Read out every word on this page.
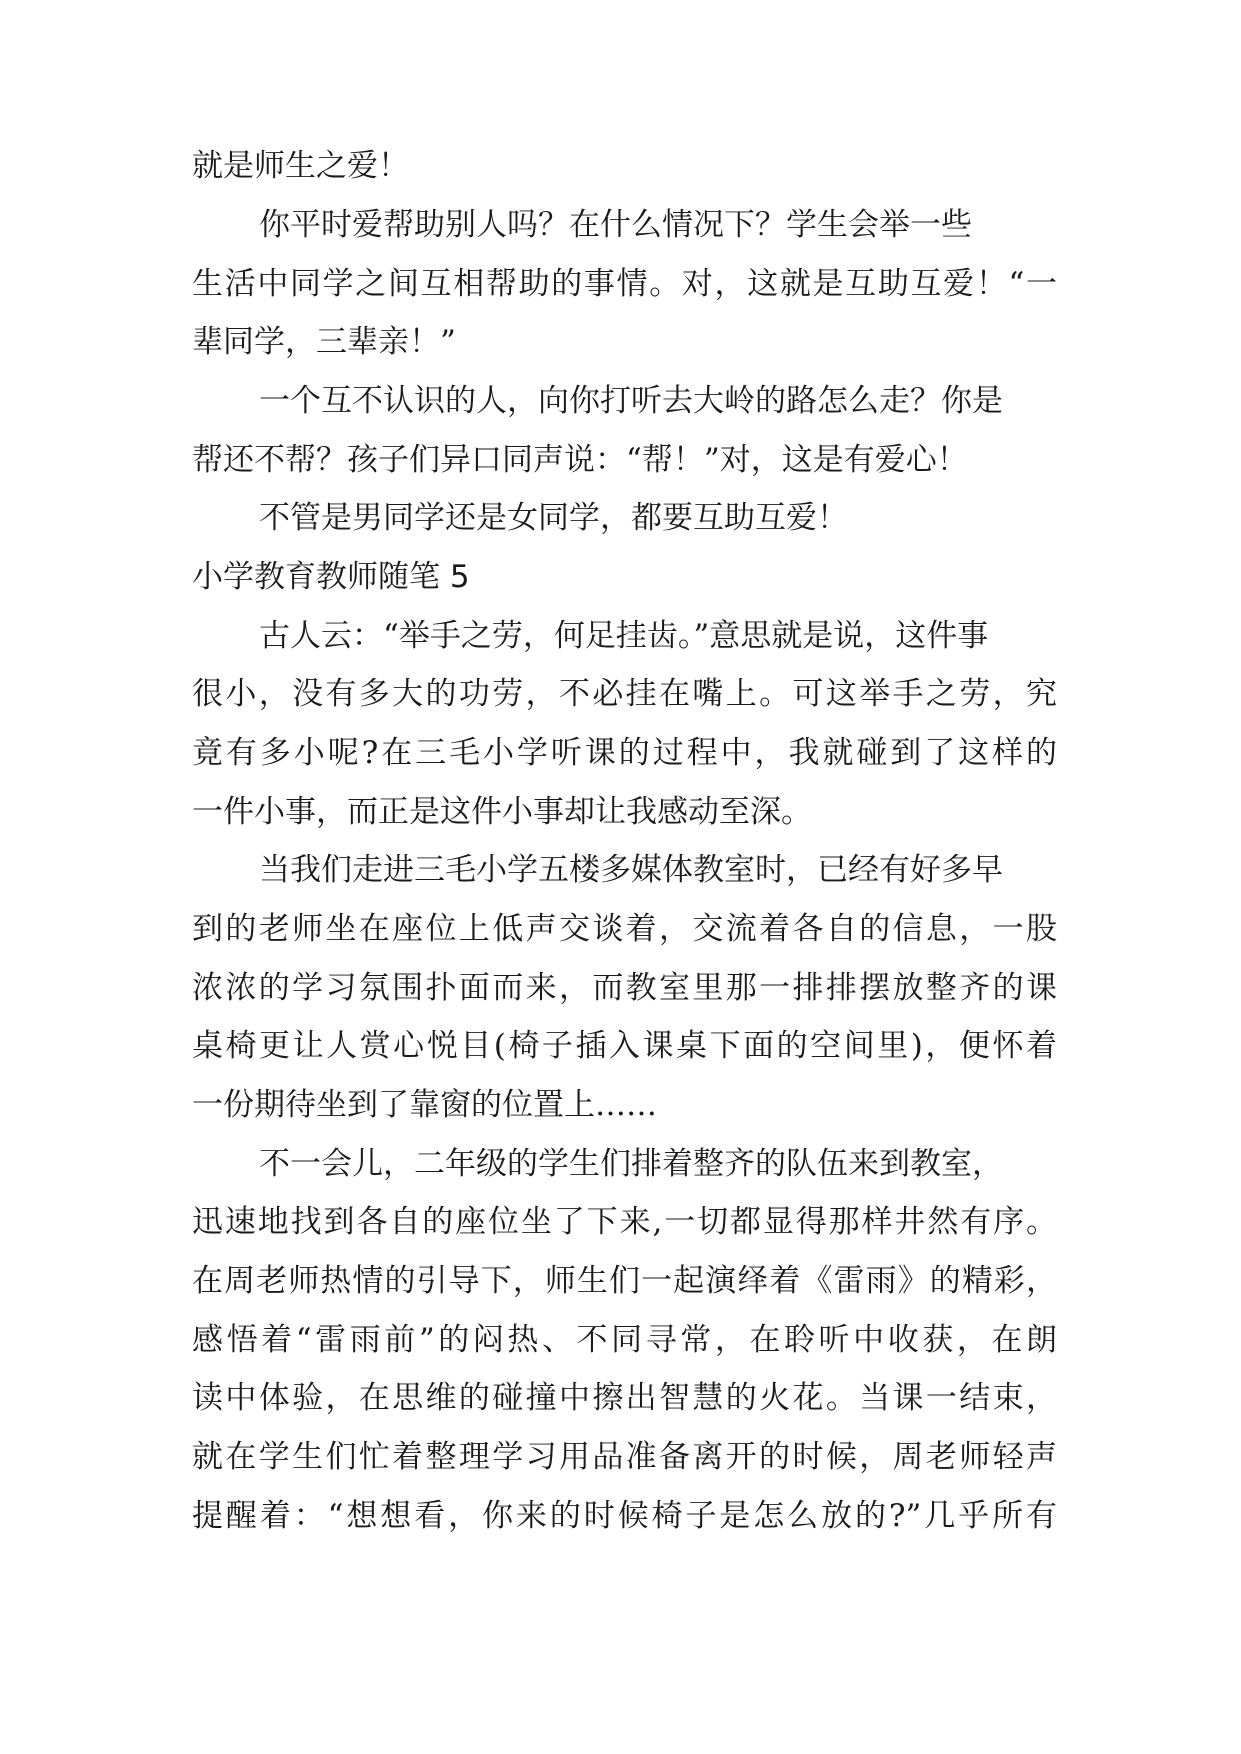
就是师生之爱！
你平时爱帮助别人吗？在什么情况下？学生会举一些
生活中同学之间互相帮助的事情。对，这就是互助互爱！“一
辈同学，三辈亲！”
一个互不认识的人，向你打听去大岭的路怎么走？你是
帮还不帮？孩子们异口同声说：“帮！”对，这是有爱心！
不管是男同学还是女同学，都要互助互爱！
小学教育教师随笔 5
古人云：“举手之劳，何足挂齿。”意思就是说，这件事
很小，没有多大的功劳，不必挂在嘴上。可这举手之劳，究
竟有多小呢?在三毛小学听课的过程中，我就碰到了这样的
一件小事，而正是这件小事却让我感动至深。
当我们走进三毛小学五楼多媒体教室时，已经有好多早
到的老师坐在座位上低声交谈着，交流着各自的信息，一股
浓浓的学习氛围扑面而来，而教室里那一排排摆放整齐的课
桌椅更让人赏心悦目(椅子插入课桌下面的空间里)，便怀着
一份期待坐到了靠窗的位置上……
不一会儿，二年级的学生们排着整齐的队伍来到教室，
迅速地找到各自的座位坐了下来,一切都显得那样井然有序。
在周老师热情的引导下，师生们一起演绎着《雷雨》的精彩，
感悟着“雷雨前”的闷热、不同寻常，在聆听中收获，在朗
读中体验，在思维的碰撞中擦出智慧的火花。当课一结束，
就在学生们忙着整理学习用品准备离开的时候，周老师轻声
提醒着：“想想看，你来的时候椅子是怎么放的?”几乎所有
